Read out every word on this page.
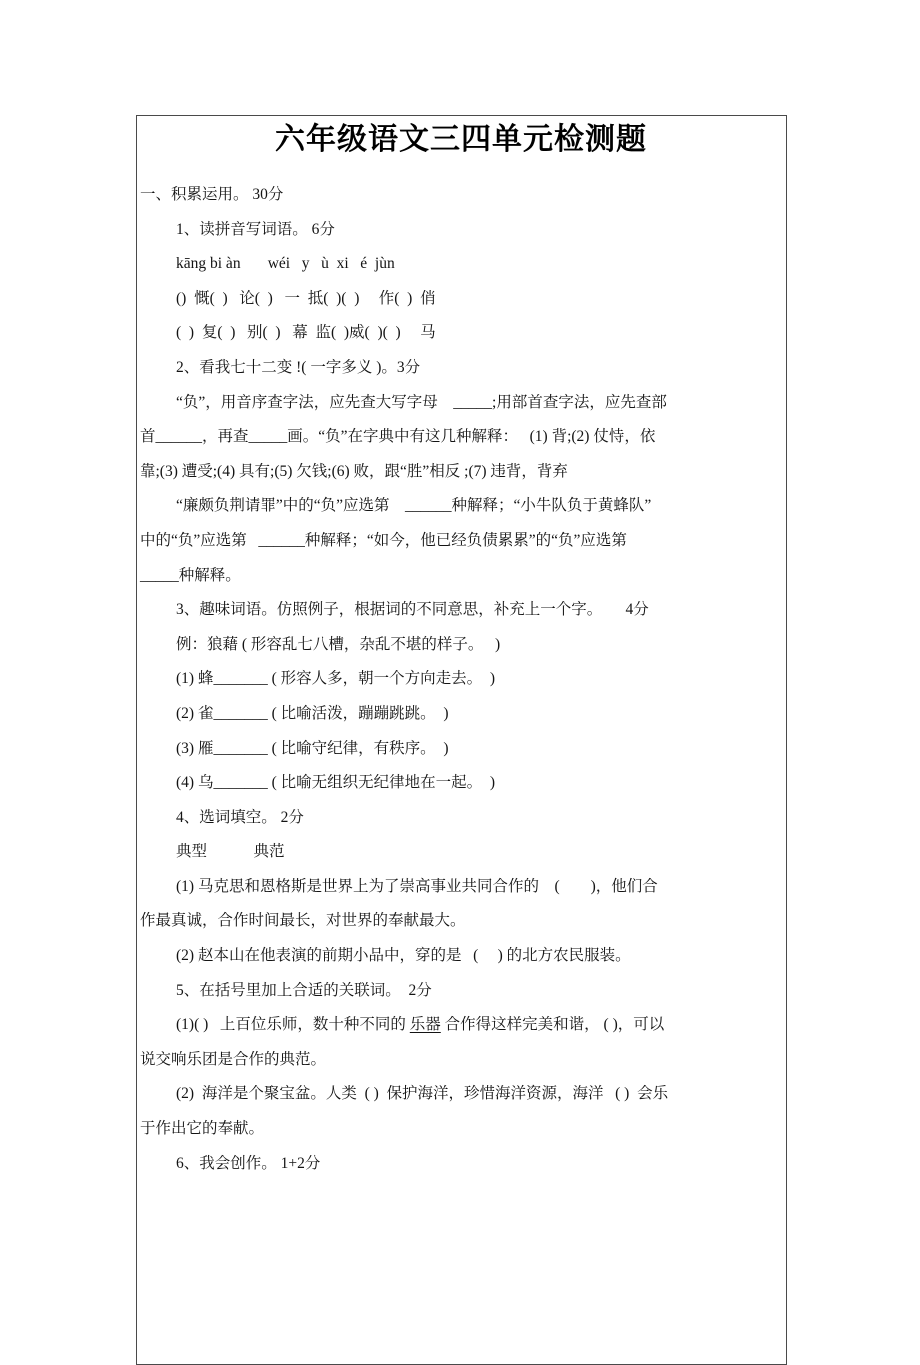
六年级语文三四单元检测题

一、积累运用。 30分

1、读拼音写词语。 6分

kāng bi àn       wéi   y   ù  xi   é  jùn

()  慨(  )   论(  )   一  抵(  )(  )     作(  )  俏

(  )  复(  )   别(  )   幕  监(  )威(  )(  )     马

2、看我七十二变 !( 一字多义 )。3分

“负”，用音序查字法，应先查大写字母    _____;用部首查字法，应先查部

首______，再查_____画。“负”在字典中有这几种解释：   (1) 背;(2) 仗恃，依

靠;(3) 遭受;(4) 具有;(5) 欠钱;(6) 败，跟“胜”相反 ;(7) 违背，背弃

“廉颇负荆请罪”中的“负”应选第    ______种解释；“小牛队负于黄蜂队”

中的“负”应选第   ______种解释；“如今，他已经负债累累”的“负”应选第

_____种解释。

3、趣味词语。仿照例子，根据词的不同意思，补充上一个字。      4分

例：狼藉 ( 形容乱七八槽，杂乱不堪的样子。   )

(1) 蜂_______ ( 形容人多，朝一个方向走去。  )

(2) 雀_______ ( 比喻活泼，蹦蹦跳跳。  )

(3) 雁_______ ( 比喻守纪律，有秩序。  )

(4) 乌_______ ( 比喻无组织无纪律地在一起。  )

4、选词填空。 2分

典型            典范

(1) 马克思和恩格斯是世界上为了崇高事业共同合作的    (        )，他们合

作最真诚，合作时间最长，对世界的奉献最大。

(2) 赵本山在他表演的前期小品中，穿的是   (     ) 的北方农民服装。

5、在括号里加上合适的关联词。  2分

(1)( )   上百位乐师，数十种不同的 乐器 合作得这样完美和谐， ( )，可以

说交响乐团是合作的典范。

(2)  海洋是个聚宝盆。人类  ( )  保护海洋，珍惜海洋资源，海洋   ( )  会乐

于作出它的奉献。

6、我会创作。 1+2分
